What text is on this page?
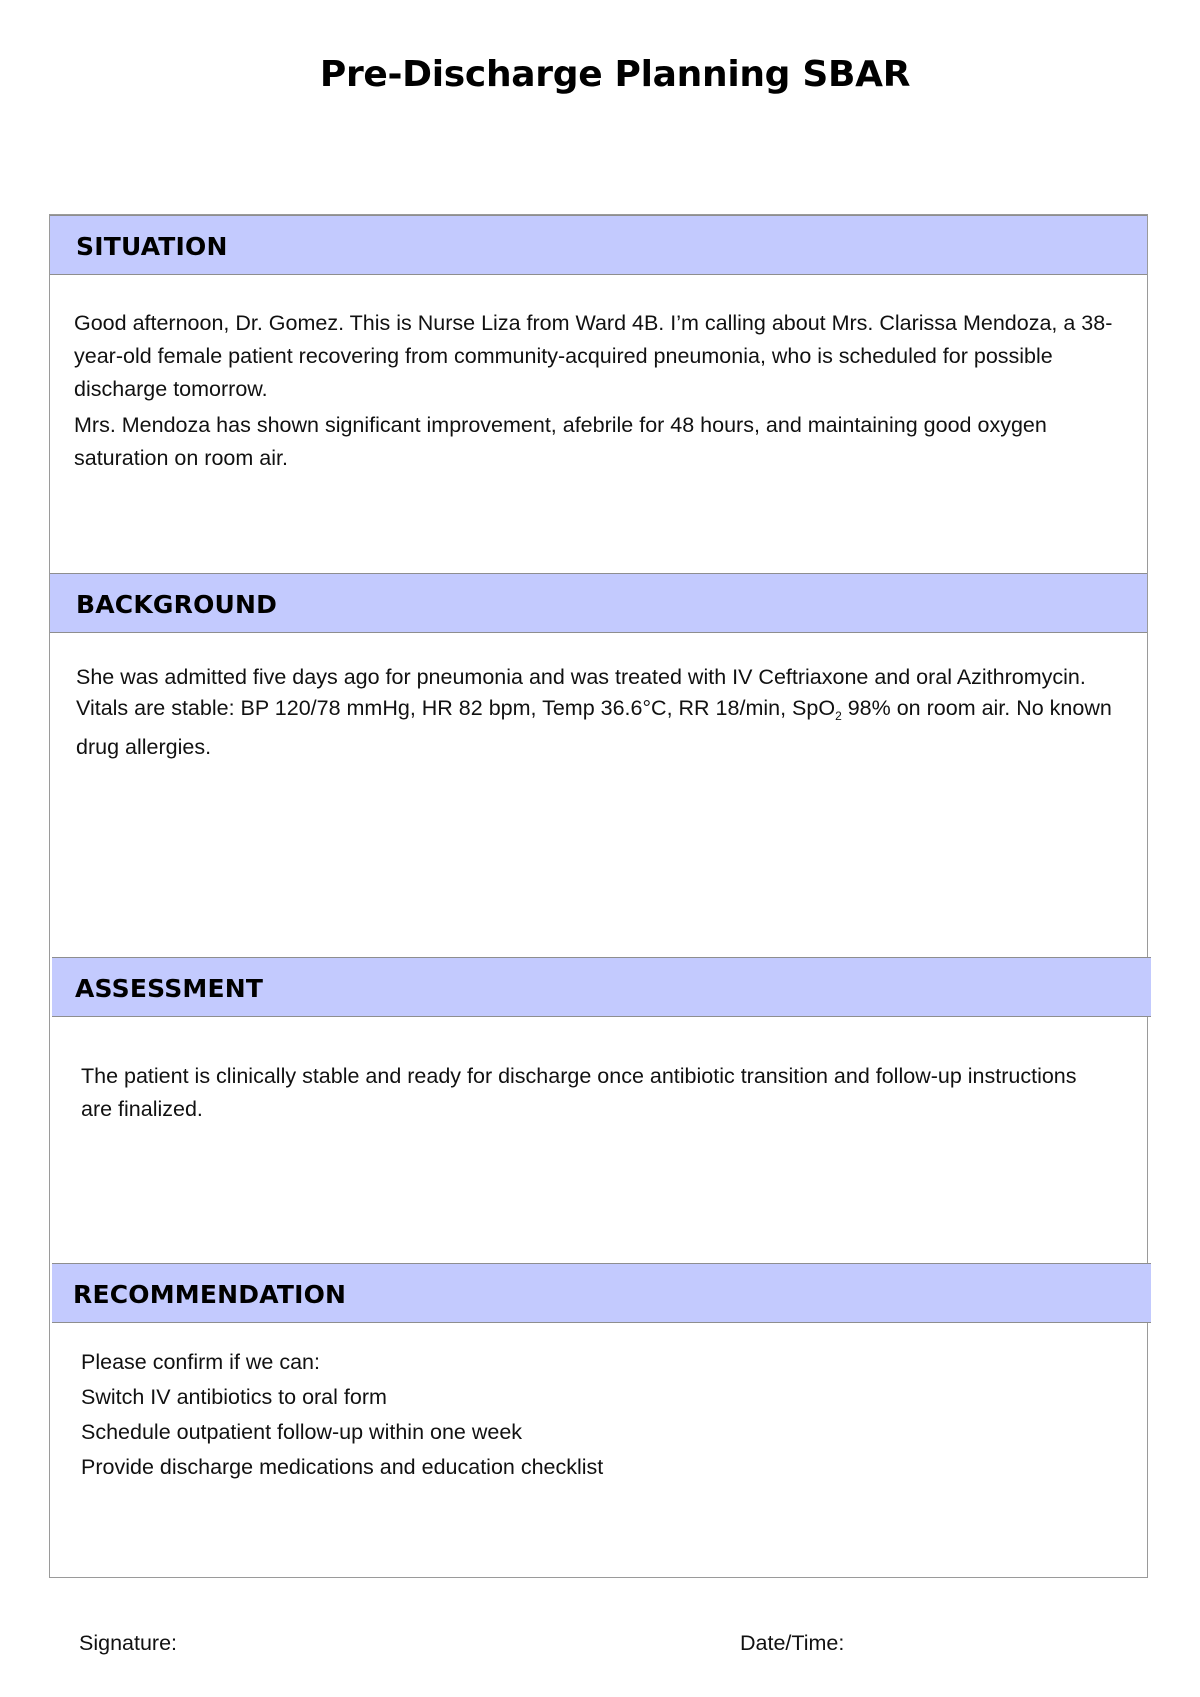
Pre-Discharge Planning SBAR
SITUATION

Good afternoon, Dr. Gomez. This is Nurse Liza from Ward 4B. I’m calling about Mrs. Clarissa Mendoza, a 38-year-old female patient recovering from community-acquired pneumonia, who is scheduled for possible discharge tomorrow.

Mrs. Mendoza has shown significant improvement, afebrile for 48 hours, and maintaining good oxygen saturation on room air.

BACKGROUND

She was admitted five days ago for pneumonia and was treated with IV Ceftriaxone and oral Azithromycin. Vitals are stable: BP 120/78 mmHg, HR 82 bpm, Temp 36.6°C, RR 18/min, SpO$_2$ 98% on room air. No known drug allergies.

ASSESSMENT

The patient is clinically stable and ready for discharge once antibiotic transition and follow-up instructions are finalized.

RECOMMENDATION

Please confirm if we can:

Switch IV antibiotics to oral form

Schedule outpatient follow-up within one week

Provide discharge medications and education checklist

Signature:	Date/Time:
